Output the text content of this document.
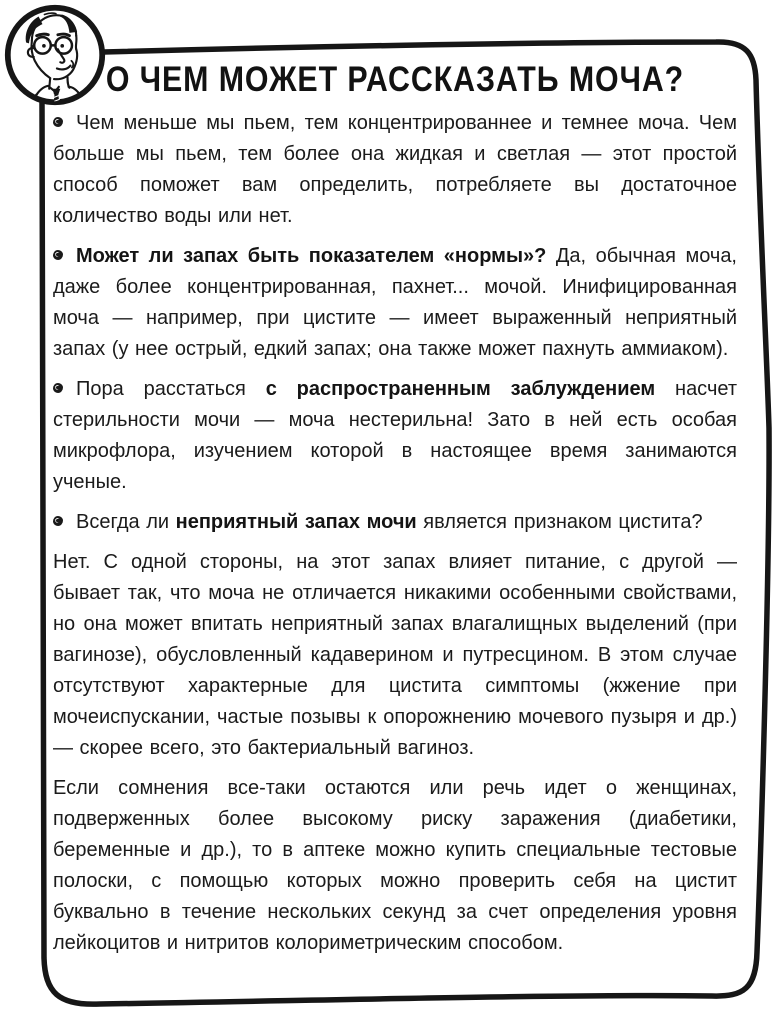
О ЧЕМ МОЖЕТ РАССКАЗАТЬ МОЧА?

Чем меньше мы пьем, тем концентрированнее и темнее моча. Чем больше мы пьем, тем более она жидкая и светлая — этот простой способ поможет вам определить, потребляете вы достаточное количество воды или нет.

Может ли запах быть показателем «нормы»? Да, обычная моча, даже более концентрированная, пахнет... мочой. Инифицированная моча — например, при цистите — имеет выраженный неприятный запах (у нее острый, едкий запах; она также может пахнуть аммиаком).

Пора расстаться с распространенным заблуждением насчет стерильности мочи — моча нестерильна! Зато в ней есть особая микрофлора, изучением которой в настоящее время занимаются ученые.

Всегда ли неприятный запах мочи является признаком цистита?

Нет. С одной стороны, на этот запах влияет питание, с другой — бывает так, что моча не отличается никакими особенными свойствами, но она может впитать неприятный запах влагалищных выделений (при вагинозе), обусловленный кадаверином и путресцином. В этом случае отсутствуют характерные для цистита симптомы (жжение при мочеиспускании, частые позывы к опорожнению мочевого пузыря и др.) — скорее всего, это бактериальный вагиноз.

Если сомнения все-таки остаются или речь идет о женщинах, подверженных более высокому риску заражения (диабетики, беременные и др.), то в аптеке можно купить специальные тестовые полоски, с помощью которых можно проверить себя на цистит буквально в течение нескольких секунд за счет определения уровня лейкоцитов и нитритов колориметрическим способом.
